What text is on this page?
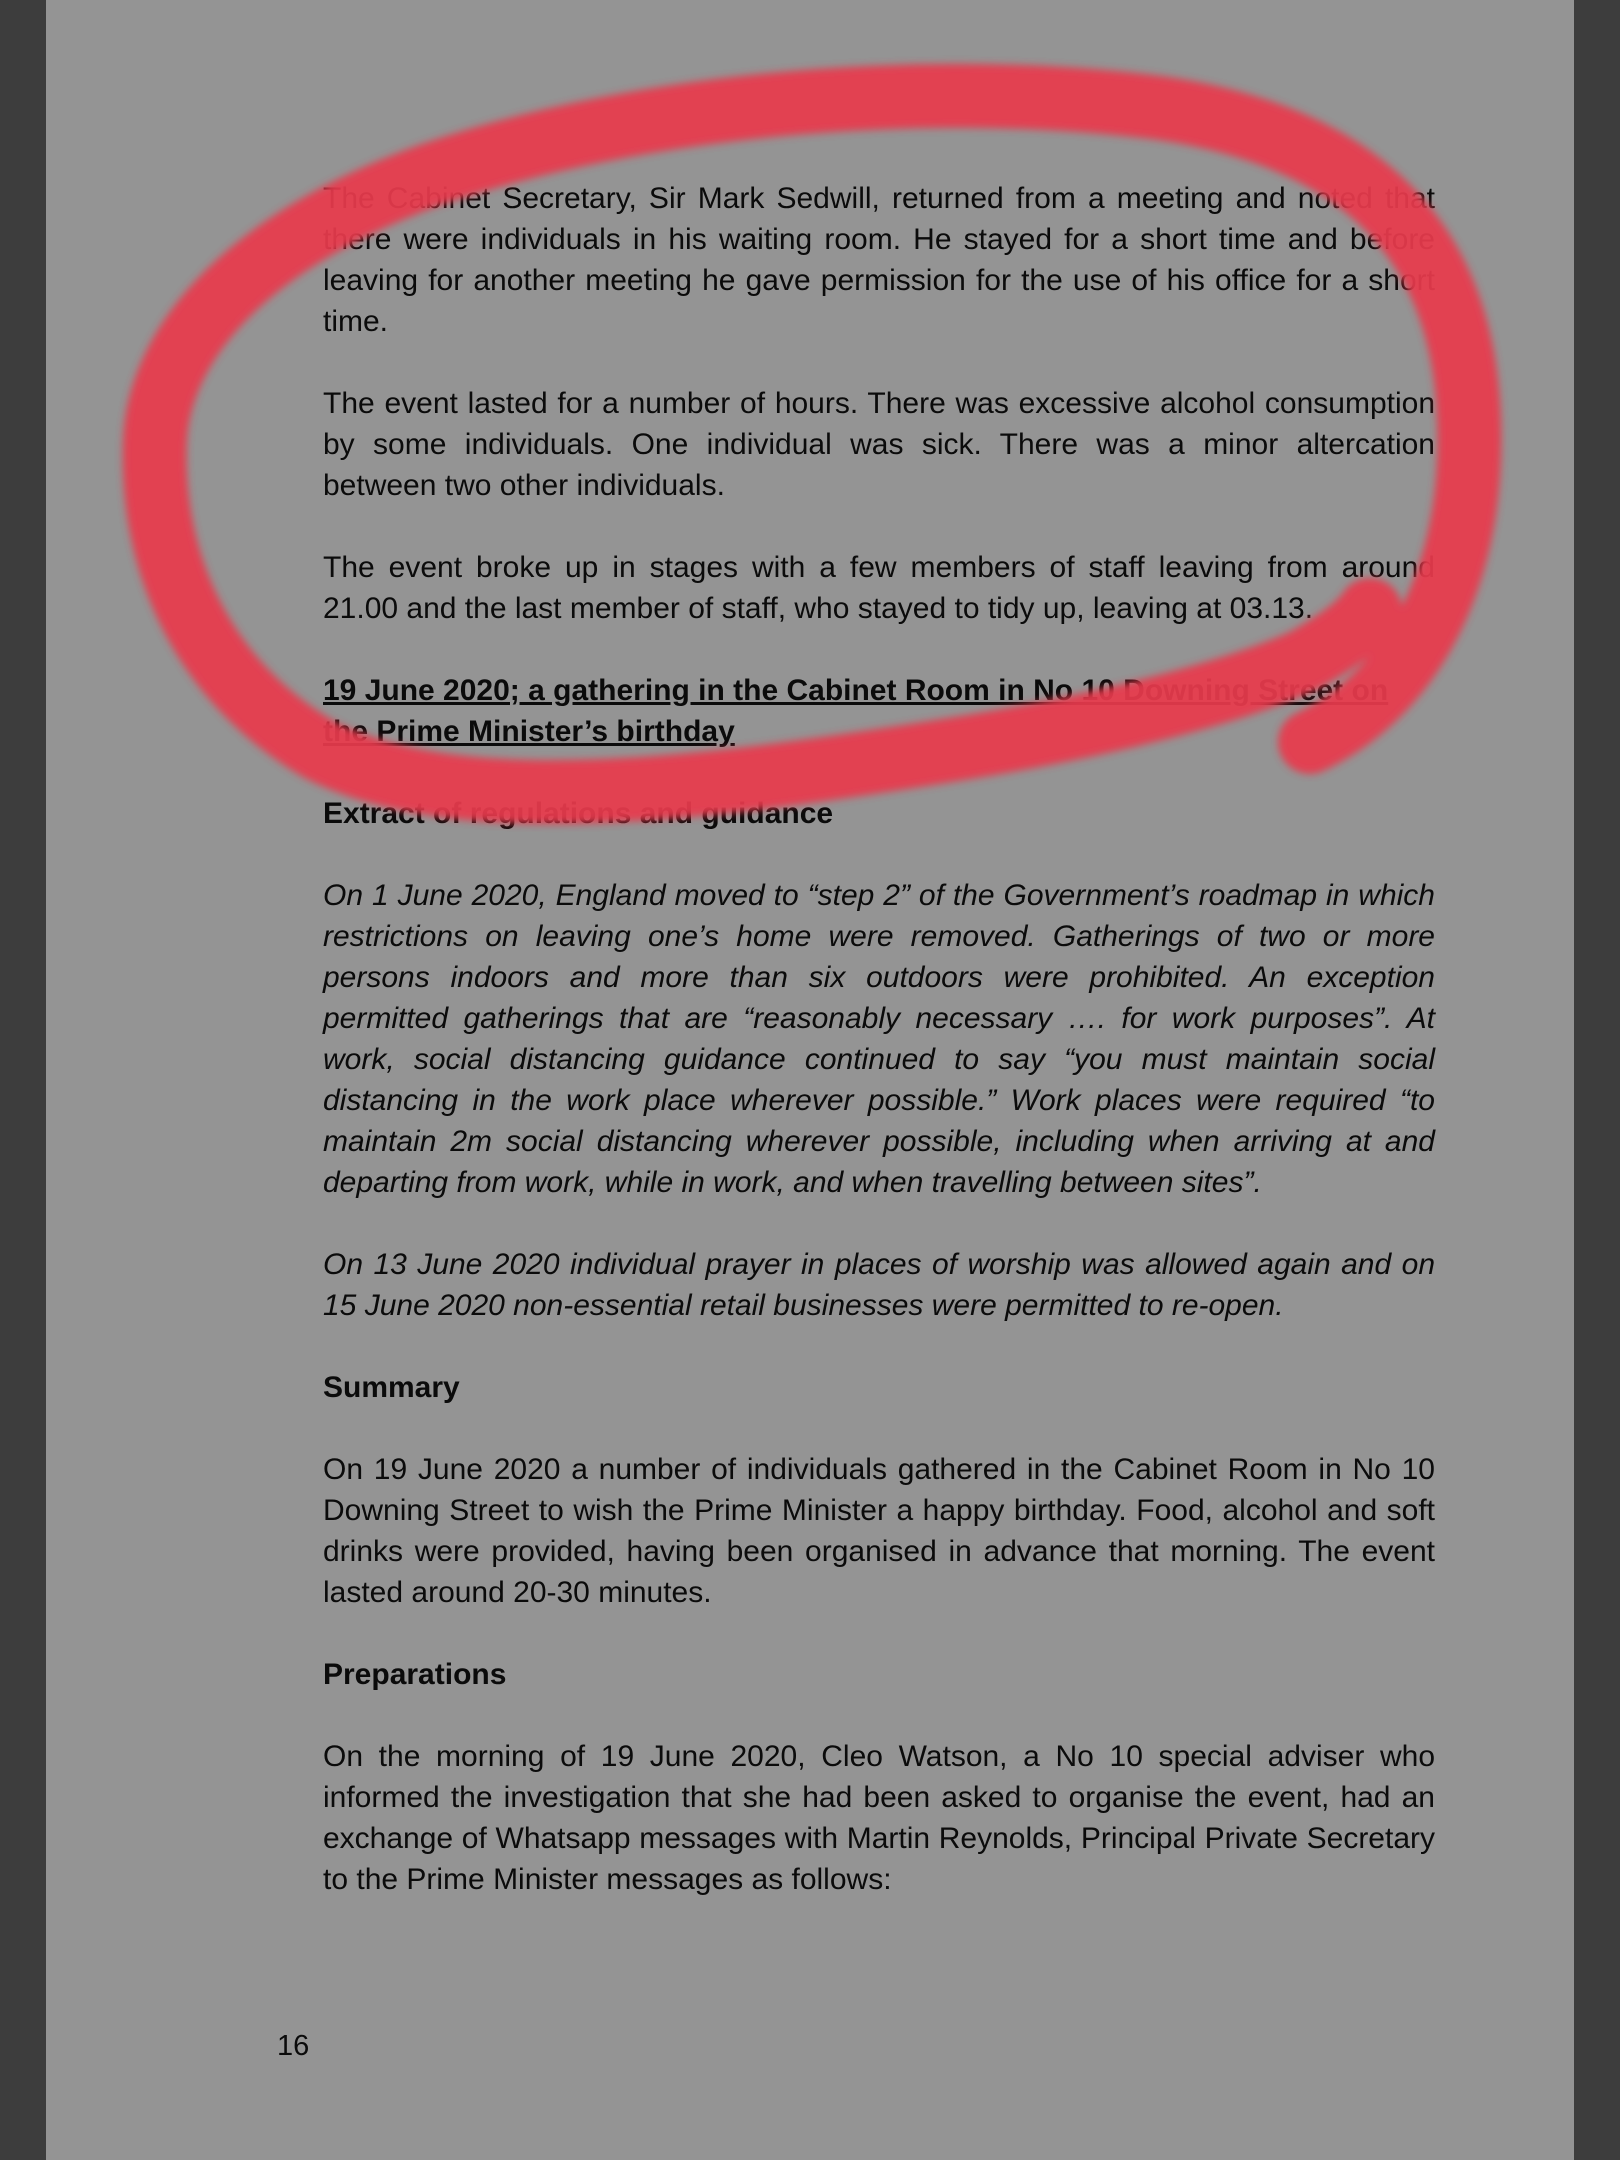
The Cabinet Secretary, Sir Mark Sedwill, returned from a meeting and noted that there were individuals in his waiting room. He stayed for a short time and before leaving for another meeting he gave permission for the use of his office for a short time.

The event lasted for a number of hours. There was excessive alcohol consumption by some individuals. One individual was sick. There was a minor altercation between two other individuals.

The event broke up in stages with a few members of staff leaving from around 21.00 and the last member of staff, who stayed to tidy up, leaving at 03.13.

19 June 2020; a gathering in the Cabinet Room in No 10 Downing Street on the Prime Minister’s birthday
Extract of regulations and guidance

On 1 June 2020, England moved to “step 2” of the Government’s roadmap in which restrictions on leaving one’s home were removed. Gatherings of two or more persons indoors and more than six outdoors were prohibited. An exception permitted gatherings that are “reasonably necessary …. for work purposes”. At work, social distancing guidance continued to say “you must maintain social distancing in the work place wherever possible.” Work places were required “to maintain 2m social distancing wherever possible, including when arriving at and departing from work, while in work, and when travelling between sites”.

On 13 June 2020 individual prayer in places of worship was allowed again and on 15 June 2020 non-essential retail businesses were permitted to re-open.

Summary

On 19 June 2020 a number of individuals gathered in the Cabinet Room in No 10 Downing Street to wish the Prime Minister a happy birthday. Food, alcohol and soft drinks were provided, having been organised in advance that morning. The event lasted around 20-30 minutes.

Preparations

On the morning of 19 June 2020, Cleo Watson, a No 10 special adviser who informed the investigation that she had been asked to organise the event, had an exchange of Whatsapp messages with Martin Reynolds, Principal Private Secretary to the Prime Minister messages as follows:

16
